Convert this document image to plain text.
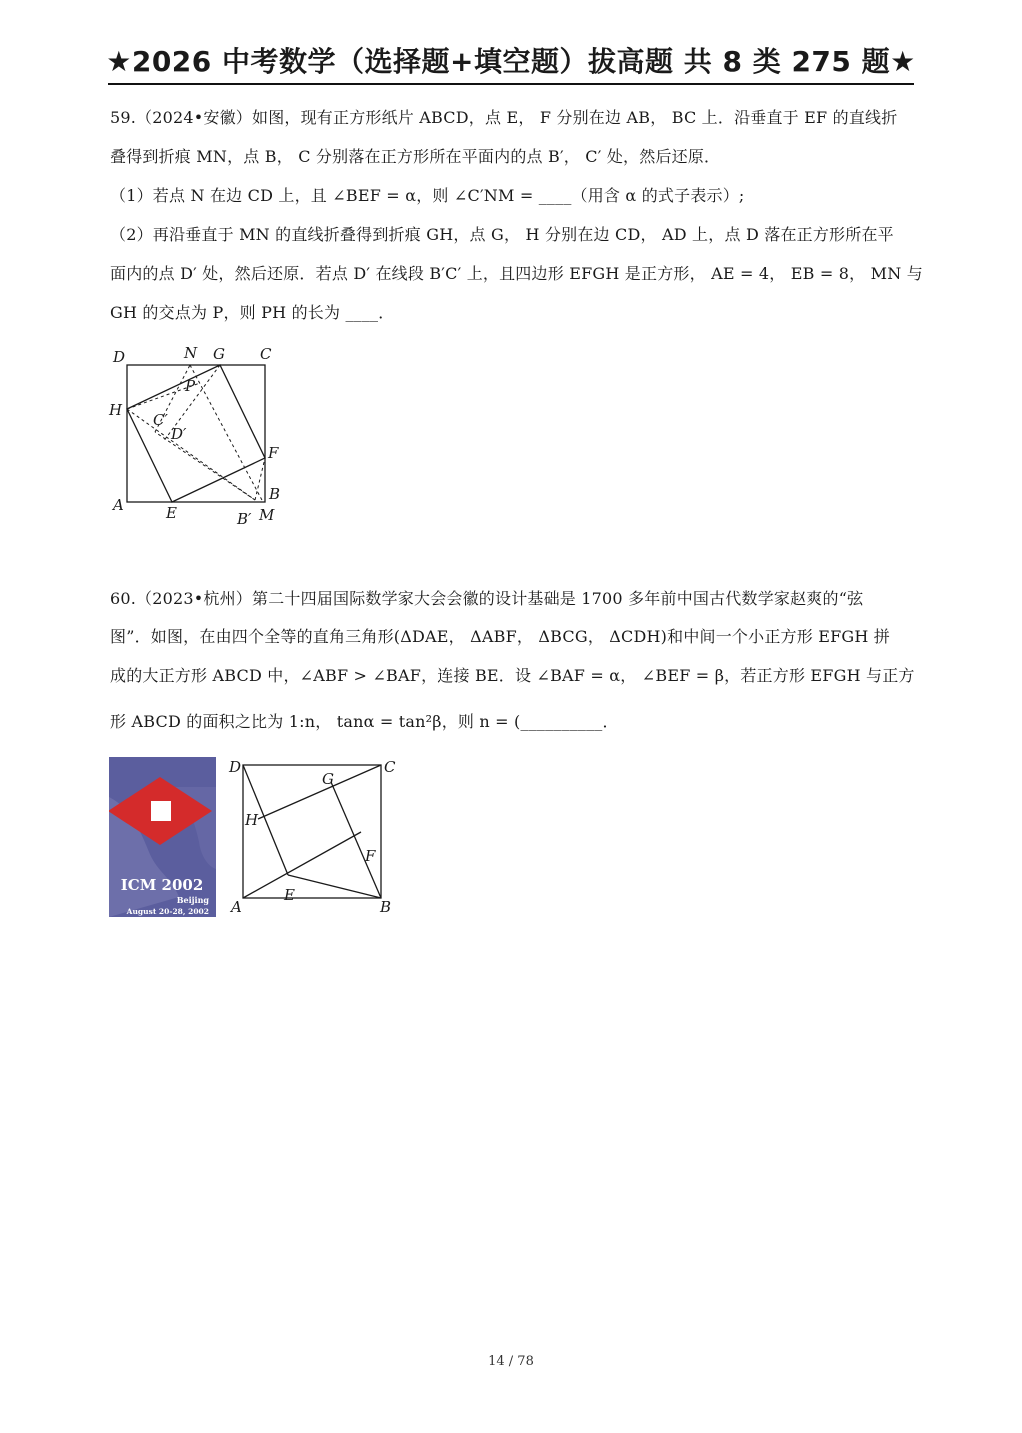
★2026 中考数学（选择题+填空题）拔高题 共 8 类 275 题★
59.（2024•安徽）如图，现有正方形纸片 ABCD，点 E， F 分别在边 AB， BC 上．沿垂直于 EF 的直线折
叠得到折痕 MN，点 B， C 分别落在正方形所在平面内的点 B′， C′ 处，然后还原．
（1）若点 N 在边 CD 上，且 ∠BEF = α，则 ∠C′NM = ____（用含 α 的式子表示）;
（2）再沿垂直于 MN 的直线折叠得到折痕 GH，点 G， H 分别在边 CD， AD 上，点 D 落在正方形所在平
面内的点 D′ 处，然后还原．若点 D′ 在线段 B′C′ 上，且四边形 EFGH 是正方形， AE = 4， EB = 8， MN 与
GH 的交点为 P，则 PH 的长为 ____．
D	N G C
P
H
C′
D′
F
A	E
B
B′ M
60.（2023•杭州）第二十四届国际数学家大会会徽的设计基础是 1700 多年前中国古代数学家赵爽的“弦
图”．如图，在由四个全等的直角三角形(ΔDAE， ΔABF， ΔBCG， ΔCDH)和中间一个小正方形 EFGH 拼
成的大正方形 ABCD 中，∠ABF > ∠BAF，连接 BE．设 ∠BAF = α， ∠BEF = β，若正方形 EFGH 与正方
形 ABCD 的面积之比为 1:n， tanα = tan²β，则 n = (__________．
ICM 2002
Beijing
August 20-28, 2002
D	C
G
H
F
E
A	B
14 / 78
